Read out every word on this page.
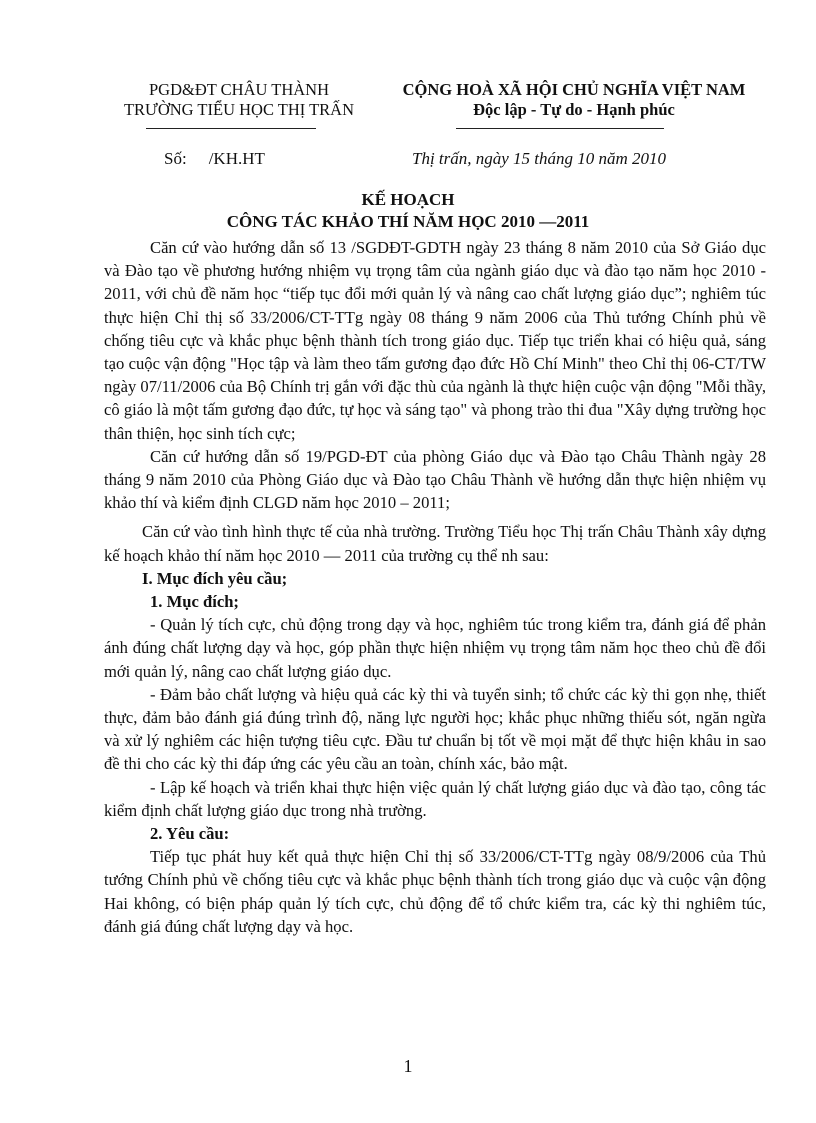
PGD&ĐT CHÂU THÀNH
TRƯỜNG TIỂU HỌC THỊ TRẤN
CỘNG HOÀ XÃ HỘI CHỦ NGHĨA VIỆT NAM
Độc lập - Tự do - Hạnh phúc
Số: /KH.HT	Thị trấn, ngày 15 tháng 10 năm 2010
KẾ HOẠCH
CÔNG TÁC KHẢO THÍ NĂM HỌC 2010 —2011

Căn cứ vào hướng dẫn số 13 /SGDĐT-GDTH ngày 23 tháng 8 năm 2010 của Sở Giáo dục và Đào tạo về phương hướng nhiệm vụ trọng tâm của ngành giáo dục và đào tạo năm học 2010 - 2011, với chủ đề năm học “tiếp tục đổi mới quản lý và nâng cao chất lượng giáo dục”; nghiêm túc thực hiện Chỉ thị số 33/2006/CT-TTg ngày 08 tháng 9 năm 2006 của Thủ tướng Chính phủ về chống tiêu cực và khắc phục bệnh thành tích trong giáo dục. Tiếp tục triển khai có hiệu quả, sáng tạo cuộc vận động "Học tập và làm theo tấm gương đạo đức Hồ Chí Minh" theo Chỉ thị 06-CT/TW ngày 07/11/2006 của Bộ Chính trị gắn với đặc thù của ngành là thực hiện cuộc vận động "Mỗi thầy, cô giáo là một tấm gương đạo đức, tự học và sáng tạo" và phong trào thi đua "Xây dựng trường học thân thiện, học sinh tích cực;

Căn cứ hướng dẫn số 19/PGD-ĐT của phòng Giáo dục và Đào tạo Châu Thành ngày 28 tháng 9 năm 2010 của Phòng Giáo dục và Đào tạo Châu Thành về hướng dẫn thực hiện nhiệm vụ khảo thí và kiểm định CLGD năm học 2010 – 2011;

Căn cứ vào tình hình thực tế của nhà trường. Trường Tiểu học Thị trấn Châu Thành xây dựng kế hoạch khảo thí năm học 2010 — 2011 của trường cụ thể nh sau:

I. Mục đích yêu cầu;

1. Mục đích;

- Quản lý tích cực, chủ động trong dạy và học, nghiêm túc trong kiểm tra, đánh giá để phản ánh đúng chất lượng dạy và học, góp phần thực hiện nhiệm vụ trọng tâm năm học theo chủ đề đổi mới quản lý, nâng cao chất lượng giáo dục.

- Đảm bảo chất lượng và hiệu quả các kỳ thi và tuyển sinh; tổ chức các kỳ thi gọn nhẹ, thiết thực, đảm bảo đánh giá đúng trình độ, năng lực người học; khắc phục những thiếu sót, ngăn ngừa và xử lý nghiêm các hiện tượng tiêu cực. Đầu tư chuẩn bị tốt về mọi mặt để thực hiện khâu in sao đề thi cho các kỳ thi đáp ứng các yêu cầu an toàn, chính xác, bảo mật.

- Lập kế hoạch và triển khai thực hiện việc quản lý chất lượng giáo dục và đào tạo, công tác kiểm định chất lượng giáo dục trong nhà trường.

2. Yêu cầu:

Tiếp tục phát huy kết quả thực hiện Chỉ thị số 33/2006/CT-TTg ngày 08/9/2006 của Thủ tướng Chính phủ về chống tiêu cực và khắc phục bệnh thành tích trong giáo dục và cuộc vận động Hai không, có biện pháp quản lý tích cực, chủ động để tổ chức kiểm tra, các kỳ thi nghiêm túc, đánh giá đúng chất lượng dạy và học.

1
